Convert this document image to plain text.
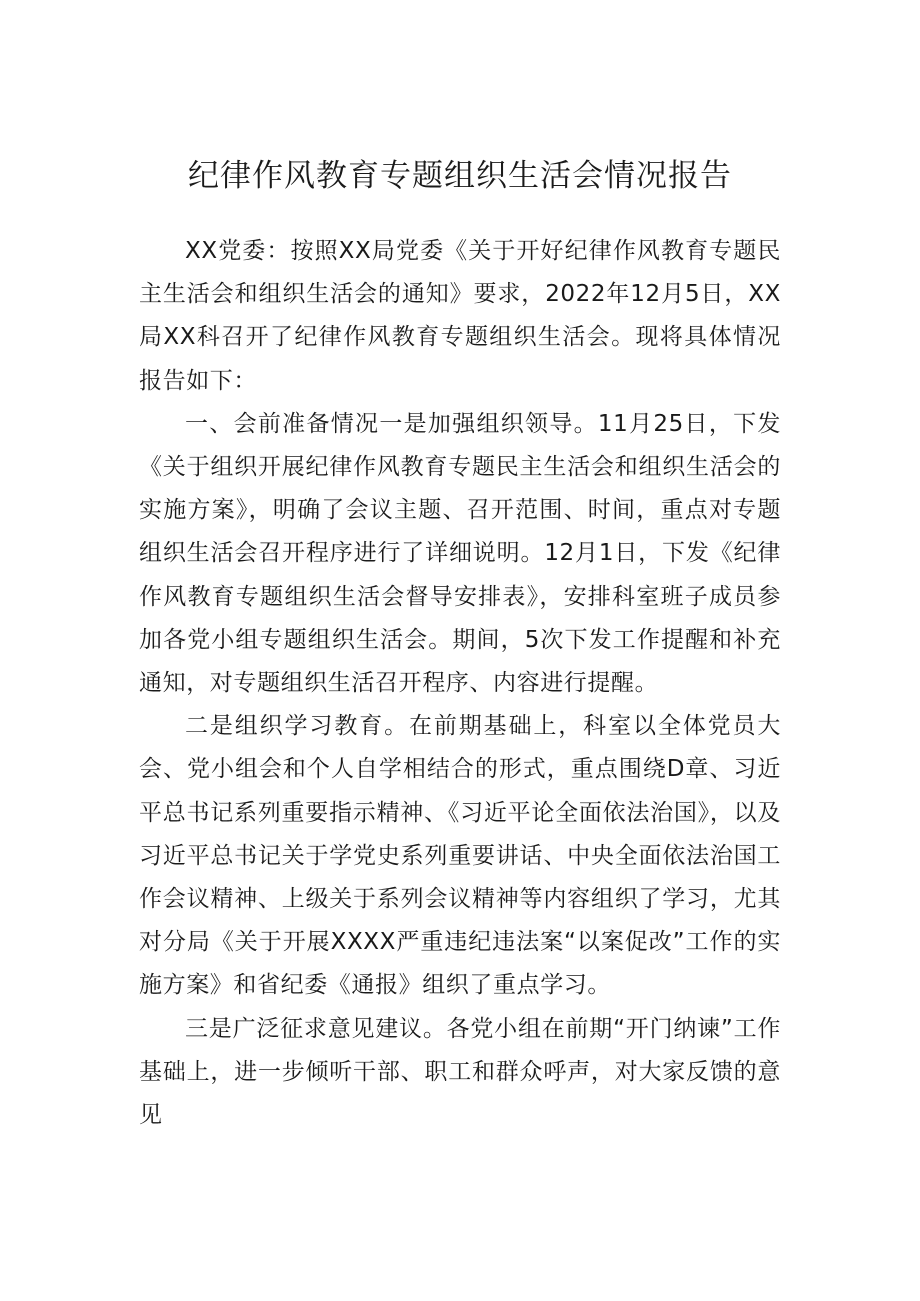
纪律作风教育专题组织生活会情况报告

XX党委：按照XX局党委《关于开好纪律作风教育专题民主生活会和组织生活会的通知》要求，2022年12月5日，XX局XX科召开了纪律作风教育专题组织生活会。现将具体情况报告如下：

一、会前准备情况一是加强组织领导。11月25日，下发《关于组织开展纪律作风教育专题民主生活会和组织生活会的实施方案》，明确了会议主题、召开范围、时间，重点对专题组织生活会召开程序进行了详细说明。12月1日，下发《纪律作风教育专题组织生活会督导安排表》，安排科室班子成员参加各党小组专题组织生活会。期间，5次下发工作提醒和补充通知，对专题组织生活召开程序、内容进行提醒。

二是组织学习教育。在前期基础上，科室以全体党员大会、党小组会和个人自学相结合的形式，重点围绕D章、习近平总书记系列重要指示精神、《习近平论全面依法治国》，以及习近平总书记关于学党史系列重要讲话、中央全面依法治国工作会议精神、上级关于系列会议精神等内容组织了学习，尤其对分局《关于开展XXXX严重违纪违法案“以案促改”工作的实施方案》和省纪委《通报》组织了重点学习。

三是广泛征求意见建议。各党小组在前期“开门纳谏”工作基础上，进一步倾听干部、职工和群众呼声，对大家反馈的意见
